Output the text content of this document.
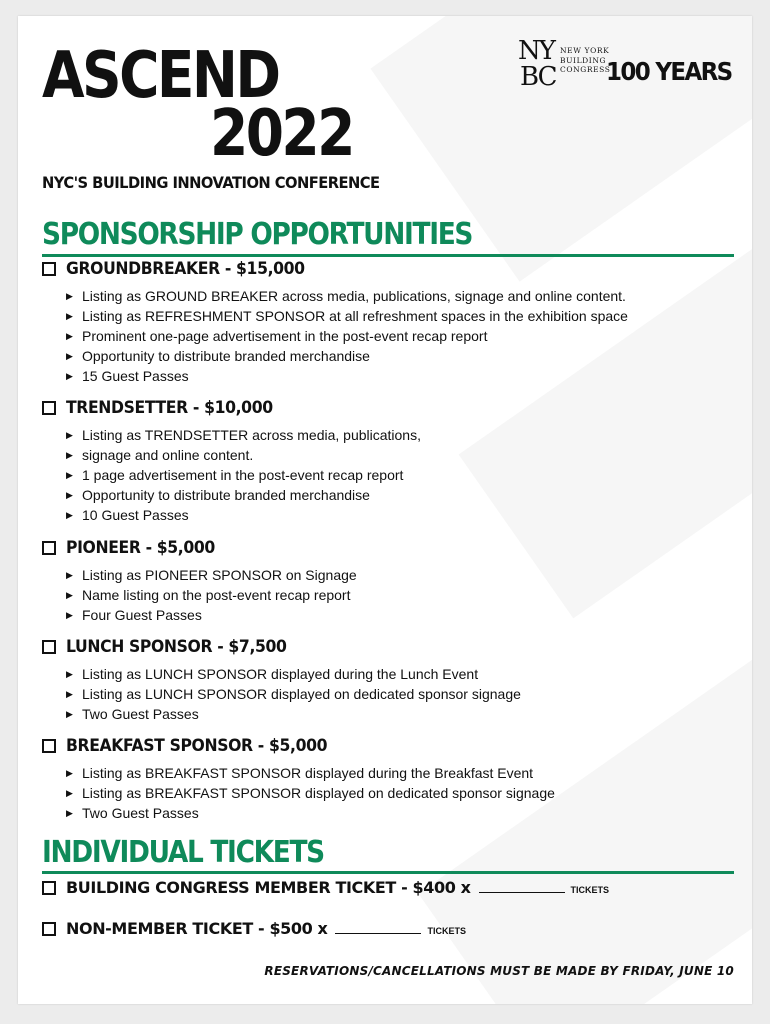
ASCEND
2022
NYC'S BUILDING INNOVATION CONFERENCE
NY
BC
NEW YORK
BUILDING
CONGRESS
100 YEARS
SPONSORSHIP OPPORTUNITIES
GROUNDBREAKER - $15,000
▶ Listing as GROUND BREAKER across media, publications, signage and online content.
▶ Listing as REFRESHMENT SPONSOR at all refreshment spaces in the exhibition space
▶ Prominent one-page advertisement in the post-event recap report
▶ Opportunity to distribute branded merchandise
▶ 15 Guest Passes
TRENDSETTER - $10,000
▶ Listing as TRENDSETTER across media, publications,
▶ signage and online content.
▶ 1 page advertisement in the post-event recap report
▶ Opportunity to distribute branded merchandise
▶ 10 Guest Passes
PIONEER - $5,000
▶ Listing as PIONEER SPONSOR on Signage
▶ Name listing on the post-event recap report
▶ Four Guest Passes
LUNCH SPONSOR - $7,500
▶ Listing as LUNCH SPONSOR displayed during the Lunch Event
▶ Listing as LUNCH SPONSOR displayed on dedicated sponsor signage
▶ Two Guest Passes
BREAKFAST SPONSOR - $5,000
▶ Listing as BREAKFAST SPONSOR displayed during the Breakfast Event
▶ Listing as BREAKFAST SPONSOR displayed on dedicated sponsor signage
▶ Two Guest Passes
INDIVIDUAL TICKETS
BUILDING CONGRESS MEMBER TICKET - $400 x	TICKETS
NON-MEMBER TICKET - $500 x	TICKETS
RESERVATIONS/CANCELLATIONS MUST BE MADE BY FRIDAY, JUNE 10
